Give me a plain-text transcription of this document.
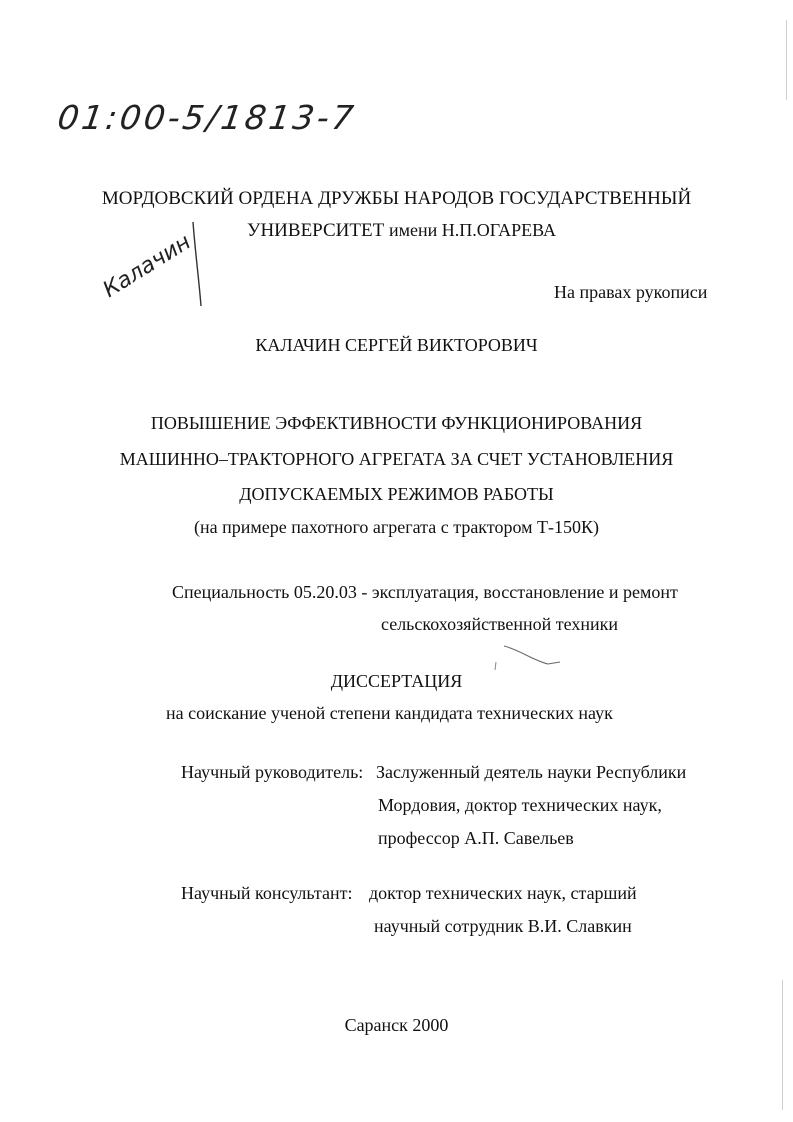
01:00-5/1813-7
Калачин
МОРДОВСКИЙ ОРДЕНА ДРУЖБЫ НАРОДОВ ГОСУДАРСТВЕННЫЙ
УНИВЕРСИТЕТ имени Н.П.ОГАРЕВА
На правах рукописи
КАЛАЧИН СЕРГЕЙ ВИКТОРОВИЧ
ПОВЫШЕНИЕ ЭФФЕКТИВНОСТИ ФУНКЦИОНИРОВАНИЯ
МАШИННО–ТРАКТОРНОГО АГРЕГАТА ЗА СЧЕТ УСТАНОВЛЕНИЯ
ДОПУСКАЕМЫХ РЕЖИМОВ РАБОТЫ
(на примере пахотного агрегата с трактором Т-150К)
Специальность 05.20.03 - эксплуатация, восстановление и ремонт
сельскохозяйственной техники
ДИССЕРТАЦИЯ
на соискание ученой степени кандидата технических наук
Научный руководитель: Заслуженный деятель науки Республики
Мордовия, доктор технических наук,
профессор А.П. Савельев
Научный консультант: доктор технических наук, старший
научный сотрудник В.И. Славкин
Саранск 2000
